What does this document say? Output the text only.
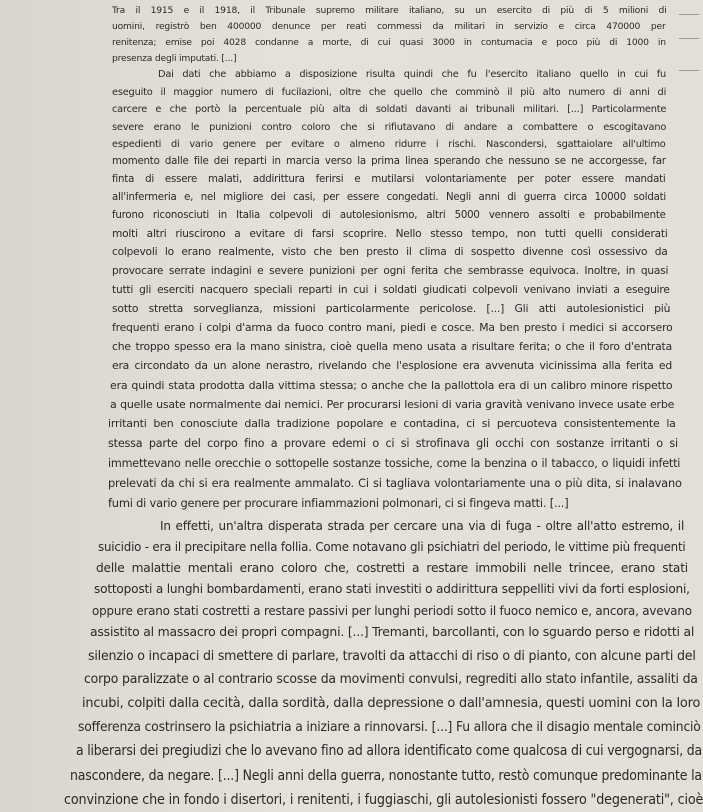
Tra il 1915 e il 1918, il Tribunale supremo militare italiano, su un esercito di più di 5 milioni di
uomini, registrò ben 400000 denunce per reati commessi da militari in servizio e circa 470000 per
renitenza; emise poi 4028 condanne a morte, di cui quasi 3000 in contumacia e poco più di 1000 in
presenza degli imputati. [...]
Dai dati che abbiamo a disposizione risulta quindi che fu l'esercito italiano quello in cui fu
eseguito il maggior numero di fucilazioni, oltre che quello che comminò il più alto numero di anni di
carcere e che portò la percentuale più alta di soldati davanti ai tribunali militari. [...] Particolarmente
severe erano le punizioni contro coloro che si rifiutavano di andare a combattere o escogitavano
espedienti di vario genere per evitare o almeno ridurre i rischi. Nascondersi, sgattaiolare all'ultimo
momento dalle file dei reparti in marcia verso la prima linea sperando che nessuno se ne accorgesse, far
finta di essere malati, addirittura ferirsi e mutilarsi volontariamente per poter essere mandati
all'infermeria e, nel migliore dei casi, per essere congedati. Negli anni di guerra circa 10000 soldati
furono riconosciuti in Italia colpevoli di autolesionismo, altri 5000 vennero assolti e probabilmente
molti altri riuscirono a evitare di farsi scoprire. Nello stesso tempo, non tutti quelli considerati
colpevoli lo erano realmente, visto che ben presto il clima di sospetto divenne così ossessivo da
provocare serrate indagini e severe punizioni per ogni ferita che sembrasse equivoca. Inoltre, in quasi
tutti gli eserciti nacquero speciali reparti in cui i soldati giudicati colpevoli venivano inviati a eseguire
sotto stretta sorveglianza, missioni particolarmente pericolose. [...] Gli atti autolesionistici più
frequenti erano i colpi d'arma da fuoco contro mani, piedi e cosce. Ma ben presto i medici si accorsero
che troppo spesso era la mano sinistra, cioè quella meno usata a risultare ferita; o che il foro d'entrata
era circondato da un alone nerastro, rivelando che l'esplosione era avvenuta vicinissima alla ferita ed
era quindi stata prodotta dalla vittima stessa; o anche che la pallottola era di un calibro minore rispetto
a quelle usate normalmente dai nemici. Per procurarsi lesioni di varia gravità venivano invece usate erbe
irritanti ben conosciute dalla tradizione popolare e contadina, ci si percuoteva consistentemente la
stessa parte del corpo fino a provare edemi o ci si strofinava gli occhi con sostanze irritanti o si
immettevano nelle orecchie o sottopelle sostanze tossiche, come la benzina o il tabacco, o liquidi infetti
prelevati da chi si era realmente ammalato. Ci si tagliava volontariamente una o più dita, si inalavano
fumi di vario genere per procurare infiammazioni polmonari, ci si fingeva matti. [...]
In effetti, un'altra disperata strada per cercare una via di fuga - oltre all'atto estremo, il
suicidio - era il precipitare nella follia. Come notavano gli psichiatri del periodo, le vittime più frequenti
delle malattie mentali erano coloro che, costretti a restare immobili nelle trincee, erano stati
sottoposti a lunghi bombardamenti, erano stati investiti o addirittura seppelliti vivi da forti esplosioni,
oppure erano stati costretti a restare passivi per lunghi periodi sotto il fuoco nemico e, ancora, avevano
assistito al massacro dei propri compagni. [...] Tremanti, barcollanti, con lo sguardo perso e ridotti al
silenzio o incapaci di smettere di parlare, travolti da attacchi di riso o di pianto, con alcune parti del
corpo paralizzate o al contrario scosse da movimenti convulsi, regrediti allo stato infantile, assaliti da
incubi, colpiti dalla cecità, dalla sordità, dalla depressione o dall'amnesia, questi uomini con la loro
sofferenza costrinsero la psichiatria a iniziare a rinnovarsi. [...] Fu allora che il disagio mentale cominciò
a liberarsi dei pregiudizi che lo avevano fino ad allora identificato come qualcosa di cui vergognarsi, da
nascondere, da negare. [...] Negli anni della guerra, nonostante tutto, restò comunque predominante la
convinzione che in fondo i disertori, i renitenti, i fuggiaschi, gli autolesionisti fossero "degenerati", cioè
